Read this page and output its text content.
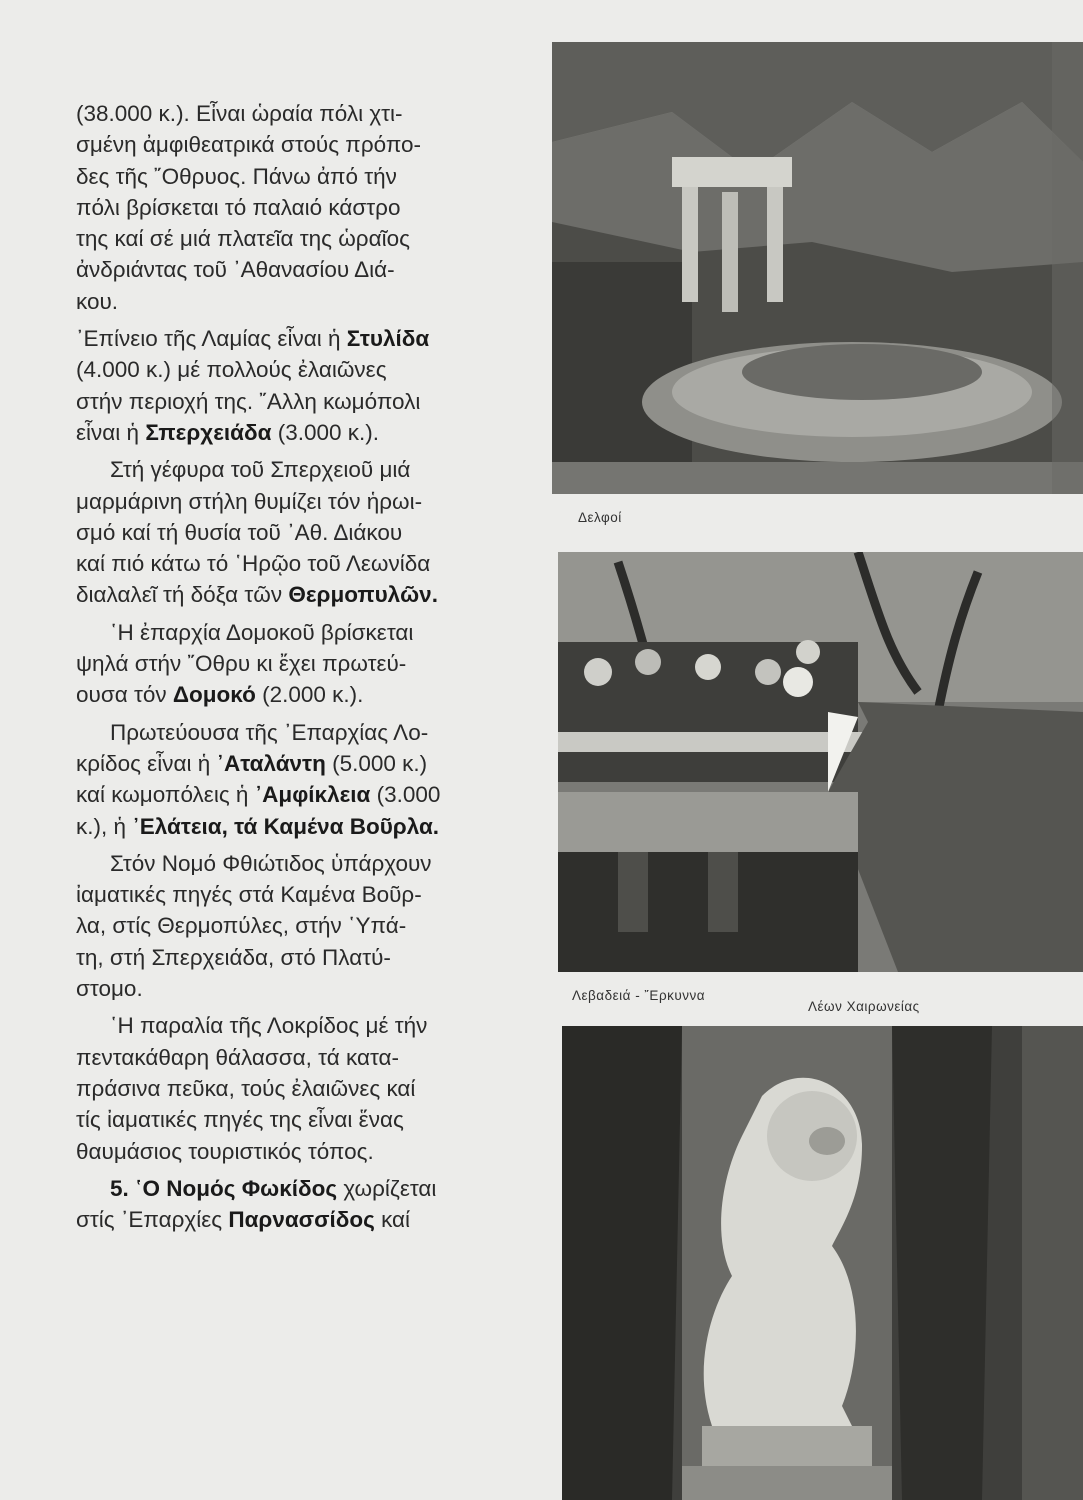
(38.000 κ.). Εἶναι ὡραία πόλι χτι-
σμένη ἀμφιθεατρικά στούς πρόπο-
δες τῆς ῎Οθρυος. Πάνω ἀπό τήν
πόλι βρίσκεται τό παλαιό κάστρο
της καί σέ μιά πλατεῖα της ὡραῖος
ἀνδριάντας τοῦ ᾿Αθανασίου Διά-
κου.

᾿Επίνειο τῆς Λαμίας εἶναι ἡ Στυλίδα
(4.000 κ.) μέ πολλούς ἐλαιῶνες
στήν περιοχή της. ῎Αλλη κωμόπολι
εἶναι ἡ Σπερχειάδα (3.000 κ.).

Στή γέφυρα τοῦ Σπερχειοῦ μιά
μαρμάρινη στήλη θυμίζει τόν ἡρωι-
σμό καί τή θυσία τοῦ ᾿Αθ. Διάκου
καί πιό κάτω τό ῾Ηρῷο τοῦ Λεωνίδα
διαλαλεῖ τή δόξα τῶν Θερμοπυλῶν.

῾Η ἐπαρχία Δομοκοῦ βρίσκεται
ψηλά στήν ῎Οθρυ κι ἔχει πρωτεύ-
ουσα τόν Δομοκό (2.000 κ.).

Πρωτεύουσα τῆς ᾿Επαρχίας Λο-
κρίδος εἶναι ἡ ᾿Αταλάντη (5.000 κ.)
καί κωμοπόλεις ἡ ᾿Αμφίκλεια (3.000
κ.), ἡ ᾿Ελάτεια, τά Καμένα Βοῦρλα.

Στόν Νομό Φθιώτιδος ὑπάρχουν
ἰαματικές πηγές στά Καμένα Βοῦρ-
λα, στίς Θερμοπύλες, στήν ῾Υπά-
τη, στή Σπερχειάδα, στό Πλατύ-
στομο.

῾Η παραλία τῆς Λοκρίδος μέ τήν
πεντακάθαρη θάλασσα, τά κατα-
πράσινα πεῦκα, τούς ἐλαιῶνες καί
τίς ἰαματικές πηγές της εἶναι ἕνας
θαυμάσιος τουριστικός τόπος.

5. ῾Ο Νομός Φωκίδος χωρίζεται
στίς ᾿Επαρχίες Παρνασσίδος καί

Δελφοί
Λεβαδειά - ῎Ερκυννα
Λέων Χαιρωνείας
